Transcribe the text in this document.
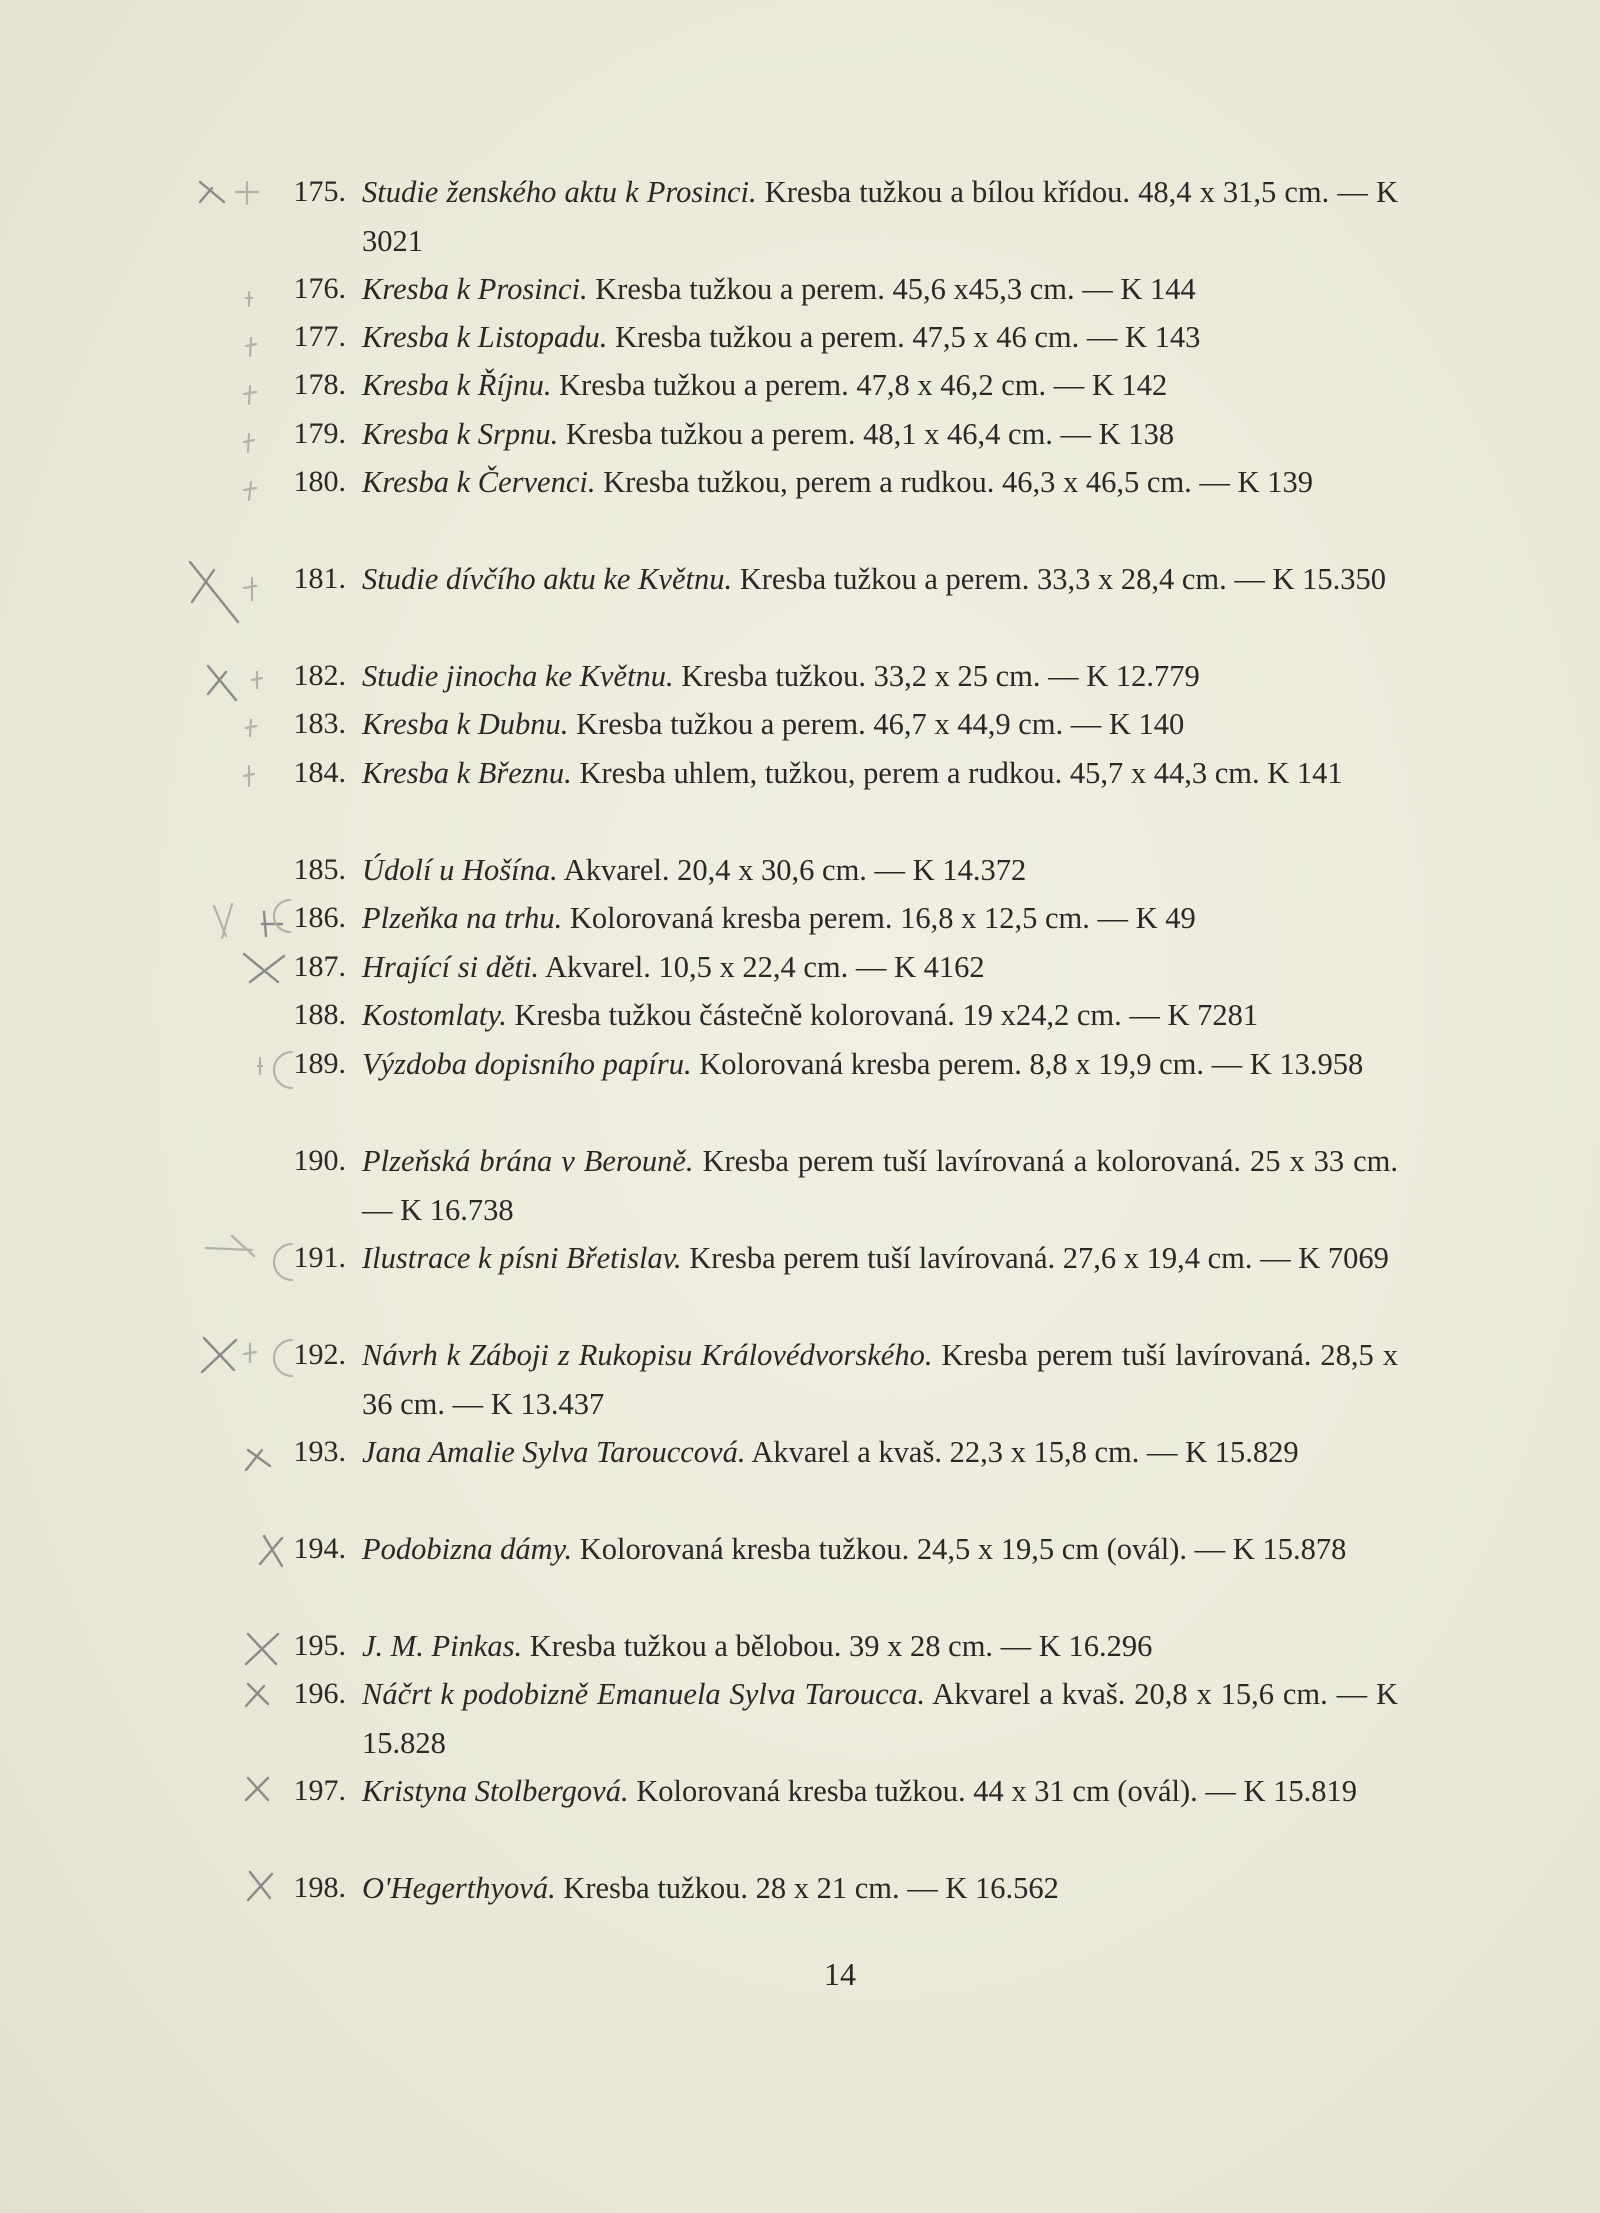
175. Studie ženského aktu k Prosinci. Kresba tužkou a bílou křídou. 48,4 x 31,5 cm. — K 3021
176. Kresba k Prosinci. Kresba tužkou a perem. 45,6 x45,3 cm. — K 144
177. Kresba k Listopadu. Kresba tužkou a perem. 47,5 x 46 cm. — K 143
178. Kresba k Říjnu. Kresba tužkou a perem. 47,8 x 46,2 cm. — K 142
179. Kresba k Srpnu. Kresba tužkou a perem. 48,1 x 46,4 cm. — K 138
180. Kresba k Červenci. Kresba tužkou, perem a rudkou. 46,3 x 46,5 cm. — K 139
181. Studie dívčího aktu ke Květnu. Kresba tužkou a perem. 33,3 x 28,4 cm. — K 15.350
182. Studie jinocha ke Květnu. Kresba tužkou. 33,2 x 25 cm. — K 12.779
183. Kresba k Dubnu. Kresba tužkou a perem. 46,7 x 44,9 cm. — K 140
184. Kresba k Březnu. Kresba uhlem, tužkou, perem a rudkou. 45,7 x 44,3 cm. K 141
185. Údolí u Hošína. Akvarel. 20,4 x 30,6 cm. — K 14.372
186. Plzeňka na trhu. Kolorovaná kresba perem. 16,8 x 12,5 cm. — K 49
187. Hrající si děti. Akvarel. 10,5 x 22,4 cm. — K 4162
188. Kostomlaty. Kresba tužkou částečně kolorovaná. 19 x24,2 cm. — K 7281
189. Výzdoba dopisního papíru. Kolorovaná kresba perem. 8,8 x 19,9 cm. — K 13.958
190. Plzeňská brána v Berouně. Kresba perem tuší lavírovaná a kolorovaná. 25 x 33 cm. — K 16.738
191. Ilustrace k písni Břetislav. Kresba perem tuší lavírovaná. 27,6 x 19,4 cm. — K 7069
192. Návrh k Záboji z Rukopisu Královédvorského. Kresba perem tuší lavírovaná. 28,5 x 36 cm. — K 13.437
193. Jana Amalie Sylva Tarouccová. Akvarel a kvaš. 22,3 x 15,8 cm. — K 15.829
194. Podobizna dámy. Kolorovaná kresba tužkou. 24,5 x 19,5 cm (ovál). — K 15.878
195. J. M. Pinkas. Kresba tužkou a bělobou. 39 x 28 cm. — K 16.296
196. Náčrt k podobizně Emanuela Sylva Taroucca. Akvarel a kvaš. 20,8 x 15,6 cm. — K 15.828
197. Kristyna Stolbergová. Kolorovaná kresba tužkou. 44 x 31 cm (ovál). — K 15.819
198. O'Hegerthyová. Kresba tužkou. 28 x 21 cm. — K 16.562
14
